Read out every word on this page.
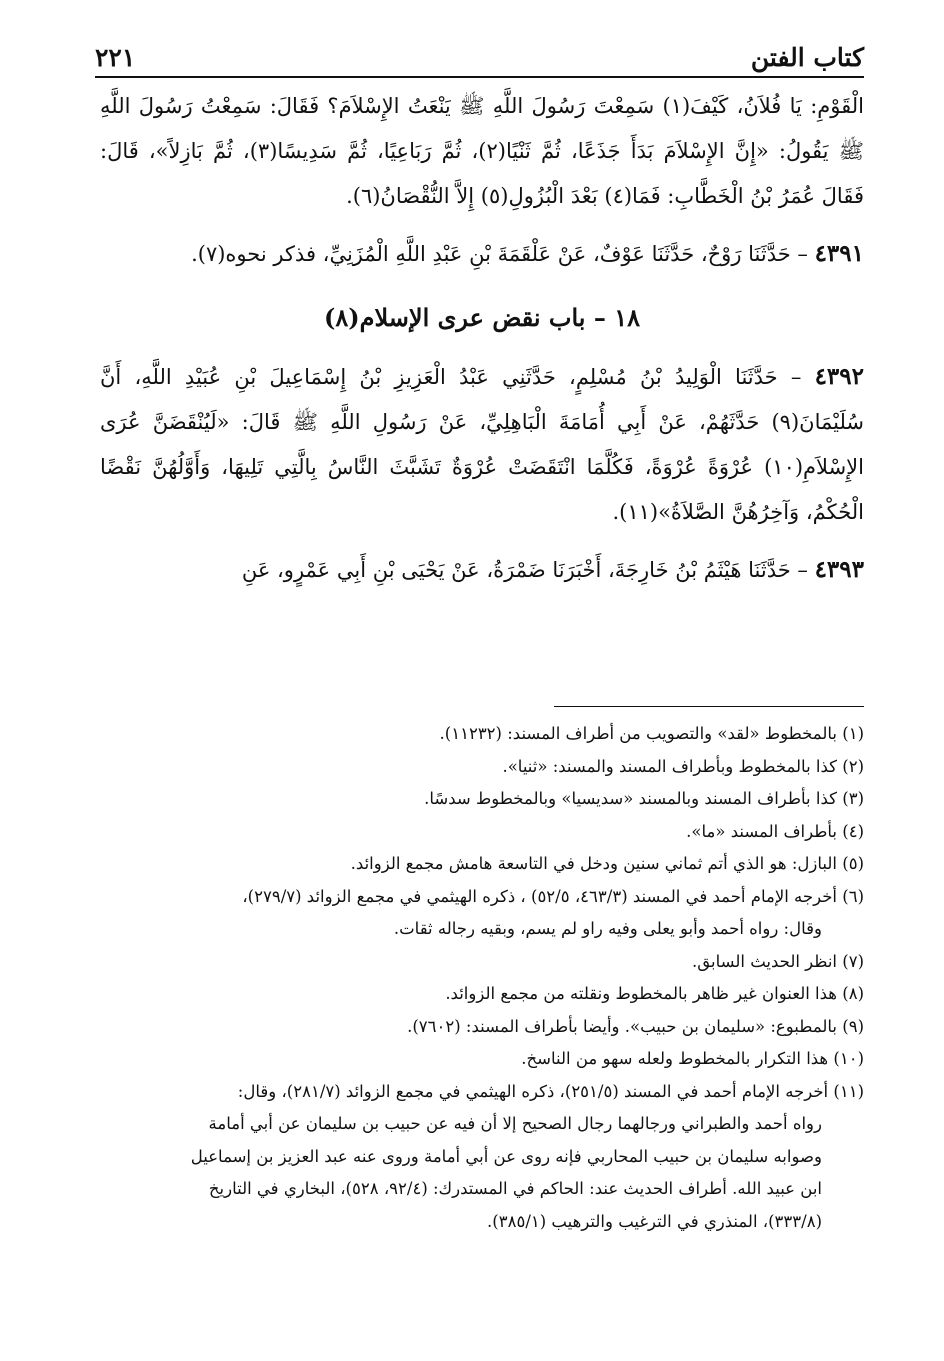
كتاب الفتن
٢٢١

الْقَوْمِ: يَا فُلاَنُ، كَيْفَ(١) سَمِعْتَ رَسُولَ اللَّهِ ﷺ يَنْعَتُ الإِسْلاَمَ؟ فَقَالَ: سَمِعْتُ رَسُولَ اللَّهِ ﷺ يَقُولُ: «إِنَّ الإِسْلاَمَ بَدَأَ جَذَعًا، ثُمَّ ثَنْيًا(٢)، ثُمَّ رَبَاعِيًا، ثُمَّ سَدِيسًا(٣)، ثُمَّ بَازِلاً»، قَالَ: فَقَالَ عُمَرُ بْنُ الْخَطَّابِ: فَمَا(٤) بَعْدَ الْبُزُولِ(٥) إِلاَّ النُّقْصَانُ(٦).

٤٣٩١ – حَدَّثَنَا رَوْحٌ، حَدَّثَنَا عَوْفٌ، عَنْ عَلْقَمَةَ بْنِ عَبْدِ اللَّهِ الْمُزَنِيِّ، فذكر نحوه(٧).

١٨ – باب نقض عرى الإسلام(٨)

٤٣٩٢ – حَدَّثَنَا الْوَلِيدُ بْنُ مُسْلِمٍ، حَدَّثَنِي عَبْدُ الْعَزِيزِ بْنُ إِسْمَاعِيلَ بْنِ عُبَيْدِ اللَّهِ، أَنَّ سُلَيْمَانَ(٩) حَدَّثَهُمْ، عَنْ أَبِي أُمَامَةَ الْبَاهِلِيِّ، عَنْ رَسُولِ اللَّهِ ﷺ قَالَ: «لَيُنْقَضَنَّ عُرَى الإِسْلاَمِ(١٠) عُرْوَةً عُرْوَةً، فَكُلَّمَا انْتَقَضَتْ عُرْوَةٌ تَشَبَّثَ النَّاسُ بِالَّتِي تَلِيهَا، وَأَوَّلُهُنَّ نَقْضًا الْحُكْمُ، وَآخِرُهُنَّ الصَّلاَةُ»(١١).

٤٣٩٣ – حَدَّثَنَا هَيْثَمُ بْنُ خَارِجَةَ، أَخْبَرَنَا ضَمْرَةُ، عَنْ يَحْيَى بْنِ أَبِي عَمْرٍو، عَنِ

(١) بالمخطوط «لقد» والتصويب من أطراف المسند: (١١٢٣٢).

(٢) كذا بالمخطوط وبأطراف المسند والمسند: «ثنيا».

(٣) كذا بأطراف المسند وبالمسند «سديسيا» وبالمخطوط سدسًا.

(٤) بأطراف المسند «ما».

(٥) البازل: هو الذي أتم ثماني سنين ودخل في التاسعة هامش مجمع الزوائد.

(٦) أخرجه الإمام أحمد في المسند (٤٦٣/٣، ٥٢/٥) ، ذكره الهيثمي في مجمع الزوائد (٢٧٩/٧)،

وقال: رواه أحمد وأبو يعلى وفيه راو لم يسم، وبقيه رجاله ثقات.

(٧) انظر الحديث السابق.

(٨) هذا العنوان غير ظاهر بالمخطوط ونقلته من مجمع الزوائد.

(٩) بالمطبوع: «سليمان بن حبيب». وأيضا بأطراف المسند: (٧٦٠٢).

(١٠) هذا التكرار بالمخطوط ولعله سهو من الناسخ.

(١١) أخرجه الإمام أحمد في المسند (٢٥١/٥)، ذكره الهيثمي في مجمع الزوائد (٢٨١/٧)، وقال:

رواه أحمد والطبراني ورجالهما رجال الصحيح إلا أن فيه عن حبيب بن سليمان عن أبي أمامة

وصوابه سليمان بن حبيب المحاربي فإنه روى عن أبي أمامة وروى عنه عبد العزيز بن إسماعيل

ابن عبيد الله. أطراف الحديث عند: الحاكم في المستدرك: (٩٢/٤، ٥٢٨)، البخاري في التاريخ

(٣٣٣/٨)، المنذري في الترغيب والترهيب (٣٨٥/١).
